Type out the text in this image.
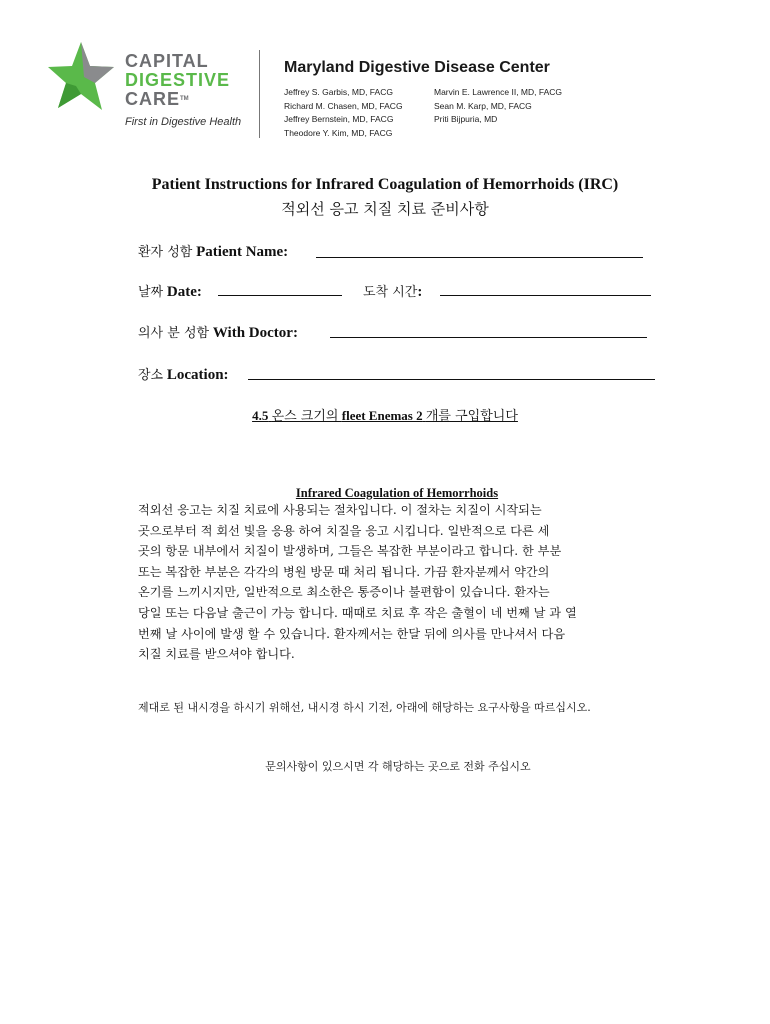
CAPITAL
DIGESTIVE
CARE™
First in Digestive Health
Maryland Digestive Disease Center
Jeffrey S. Garbis, MD, FACG
Richard M. Chasen, MD, FACG
Jeffrey Bernstein, MD, FACG
Theodore Y. Kim, MD, FACG
Marvin E. Lawrence II, MD, FACG
Sean M. Karp, MD, FACG
Priti Bijpuria, MD
Patient Instructions for Infrared Coagulation of Hemorrhoids (IRC)
적외선 응고 치질 치료 준비사항
환자 성함 Patient Name:
날짜 Date:	도착 시간:
의사 분 성함 With Doctor:
장소 Location:
4.5 온스 크기의 fleet Enemas 2 개를 구입합니다
Infrared Coagulation of Hemorrhoids
적외선 응고는 치질 치료에 사용되는 절차입니다. 이 절차는 치질이 시작되는
곳으로부터 적 회선 빛을 응용 하여 치질을 응고 시킵니다. 일반적으로 다른 세
곳의 항문 내부에서 치질이 발생하며, 그들은 복잡한 부분이라고 합니다. 한 부분
또는 복잡한 부분은 각각의 병원 방문 때 처리 됩니다. 가끔 환자분께서 약간의
온기를 느끼시지만, 일반적으로 최소한은 통증이나 불편함이 있습니다. 환자는
당일 또는 다음날 출근이 가능 합니다. 때때로 치료 후 작은 출혈이 네 번째 날 과 열
번째 날 사이에 발생 할 수 있습니다. 환자께서는 한달 뒤에 의사를 만나셔서 다음
치질 치료를 받으셔야 합니다.
제대로 된 내시경을 하시기 위해선, 내시경 하시 기전, 아래에 해당하는 요구사항을 따르십시오.
문의사항이 있으시면 각 해당하는 곳으로 전화 주십시오
